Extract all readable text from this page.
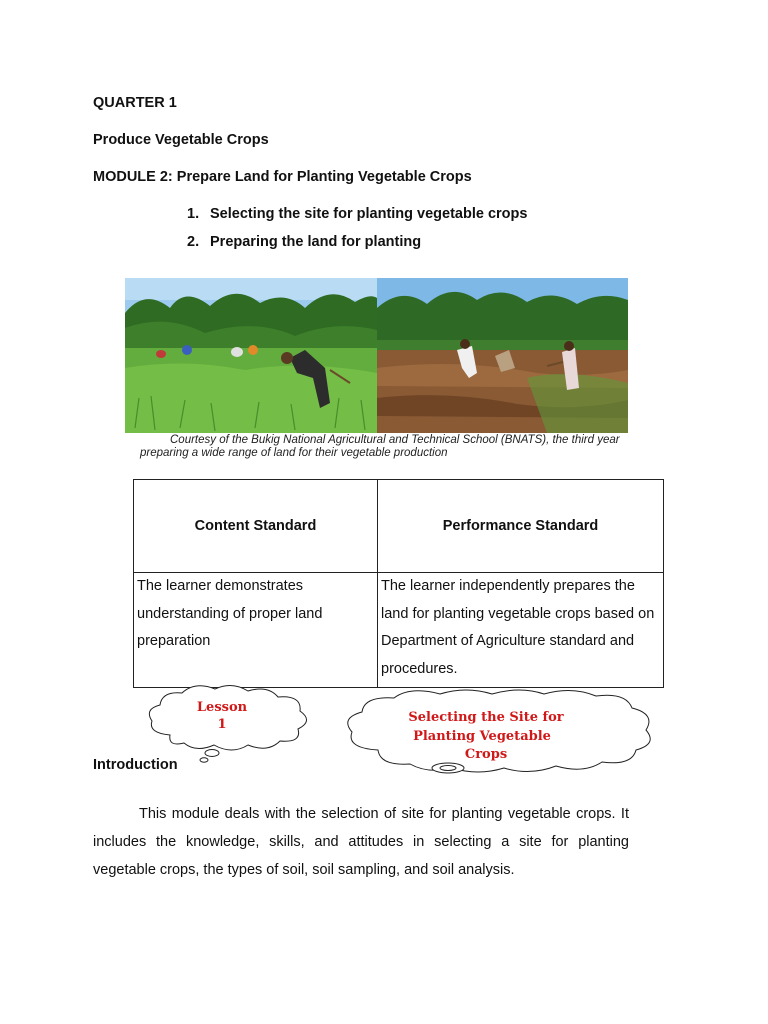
QUARTER 1
Produce Vegetable Crops
MODULE 2: Prepare Land for Planting Vegetable Crops
1. Selecting the site for planting vegetable crops
2. Preparing the land for planting
Courtesy of the Bukig National Agricultural and Technical School (BNATS), the third year
preparing a wide range of land for their vegetable production
Content Standard	Performance Standard
The learner demonstrates understanding of proper land preparation	The learner independently prepares the land for planting vegetable crops based on Department of Agriculture standard and procedures.
Lesson
1	Selecting the Site for
Planting Vegetable
Crops
Introduction
This module deals with the selection of site for planting vegetable crops. It includes the knowledge, skills, and attitudes in selecting a site for planting vegetable crops, the types of soil, soil sampling, and soil analysis.
